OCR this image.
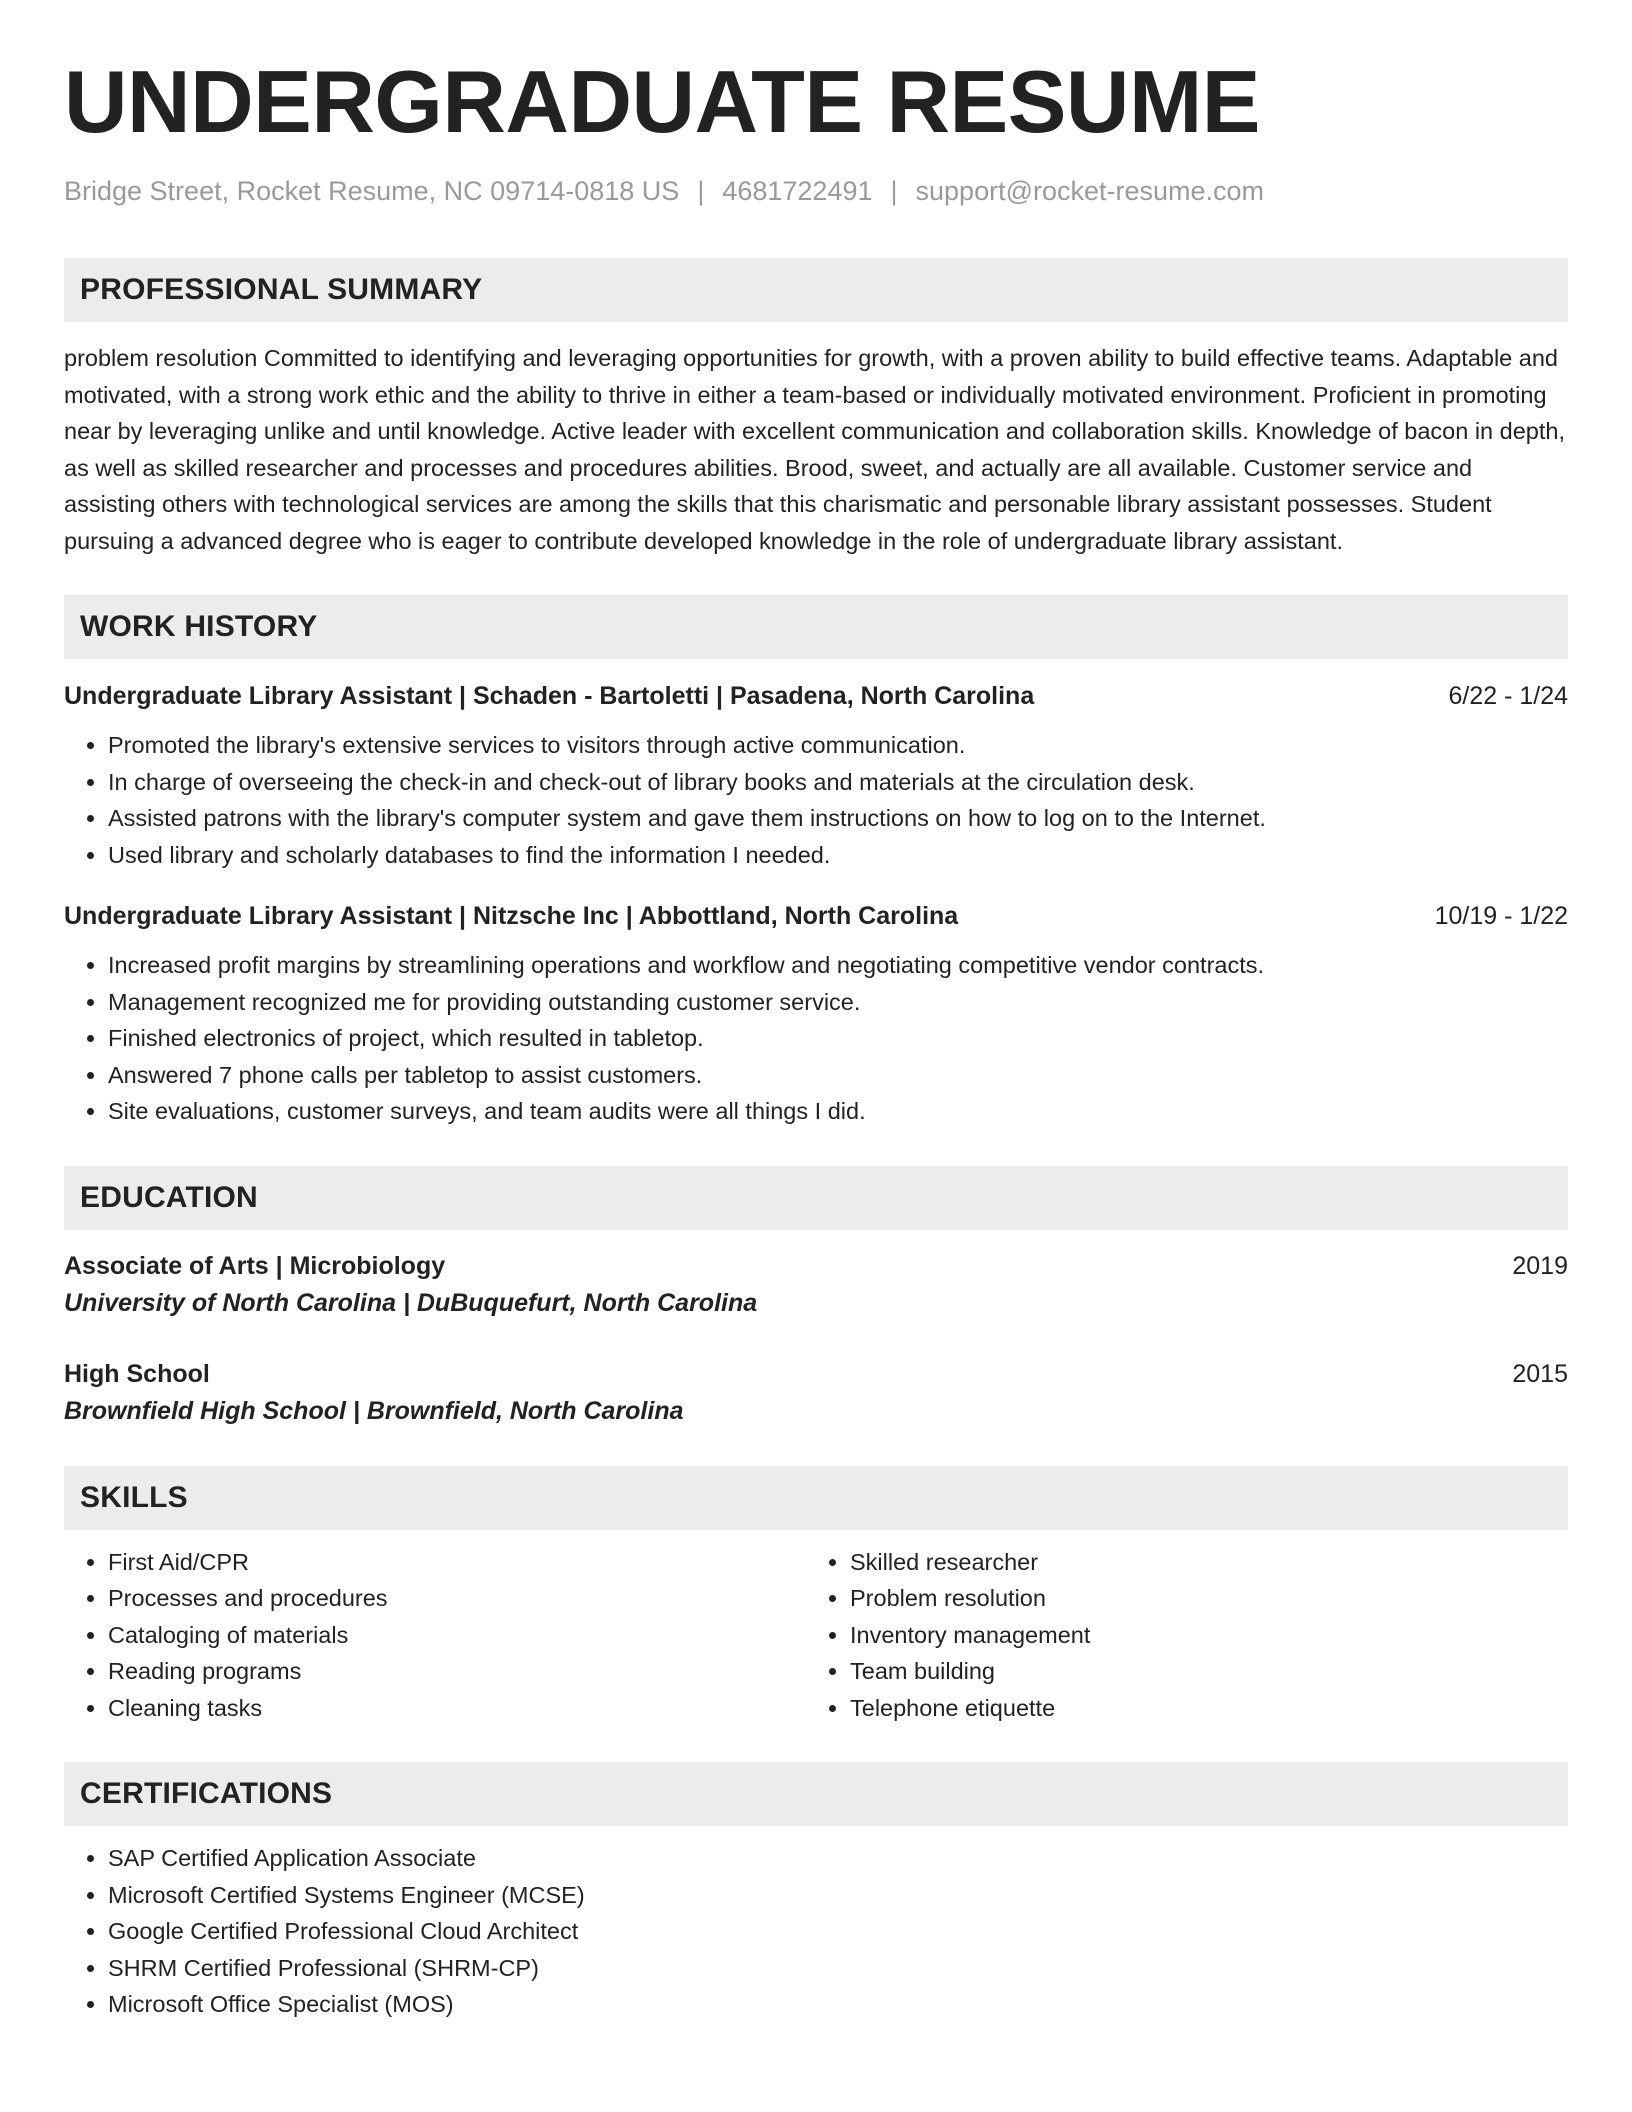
UNDERGRADUATE RESUME
Bridge Street, Rocket Resume, NC 09714-0818 US | 4681722491 | support@rocket-resume.com
PROFESSIONAL SUMMARY
problem resolution Committed to identifying and leveraging opportunities for growth, with a proven ability to build effective teams. Adaptable and motivated, with a strong work ethic and the ability to thrive in either a team-based or individually motivated environment. Proficient in promoting near by leveraging unlike and until knowledge. Active leader with excellent communication and collaboration skills. Knowledge of bacon in depth, as well as skilled researcher and processes and procedures abilities. Brood, sweet, and actually are all available. Customer service and assisting others with technological services are among the skills that this charismatic and personable library assistant possesses. Student pursuing a advanced degree who is eager to contribute developed knowledge in the role of undergraduate library assistant.
WORK HISTORY
Undergraduate Library Assistant | Schaden - Bartoletti | Pasadena, North Carolina	6/22 - 1/24
• Promoted the library's extensive services to visitors through active communication.
• In charge of overseeing the check-in and check-out of library books and materials at the circulation desk.
• Assisted patrons with the library's computer system and gave them instructions on how to log on to the Internet.
• Used library and scholarly databases to find the information I needed.
Undergraduate Library Assistant | Nitzsche Inc | Abbottland, North Carolina	10/19 - 1/22
• Increased profit margins by streamlining operations and workflow and negotiating competitive vendor contracts.
• Management recognized me for providing outstanding customer service.
• Finished electronics of project, which resulted in tabletop.
• Answered 7 phone calls per tabletop to assist customers.
• Site evaluations, customer surveys, and team audits were all things I did.
EDUCATION
Associate of Arts | Microbiology	2019
University of North Carolina | DuBuquefurt, North Carolina
High School	2015
Brownfield High School | Brownfield, North Carolina
SKILLS
• First Aid/CPR
• Processes and procedures
• Cataloging of materials
• Reading programs
• Cleaning tasks
• Skilled researcher
• Problem resolution
• Inventory management
• Team building
• Telephone etiquette
CERTIFICATIONS
• SAP Certified Application Associate
• Microsoft Certified Systems Engineer (MCSE)
• Google Certified Professional Cloud Architect
• SHRM Certified Professional (SHRM-CP)
• Microsoft Office Specialist (MOS)
